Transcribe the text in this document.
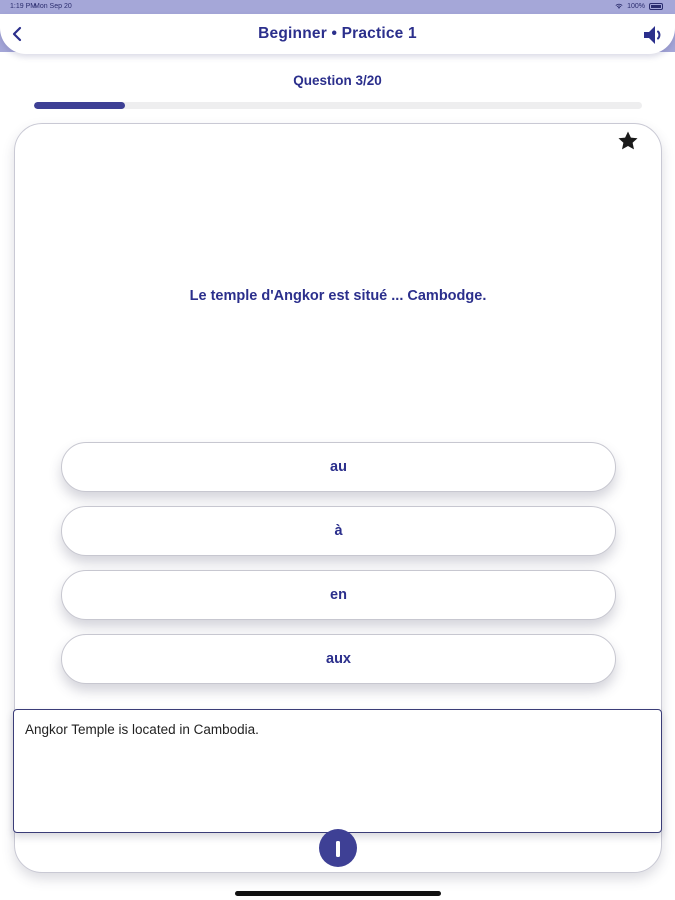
1:19 PM
Mon Sep 20	100%
Beginner • Practice 1
Question 3/20
Le temple d'Angkor est situé ... Cambodge.
au
à
en
aux
Angkor Temple is located in Cambodia.
